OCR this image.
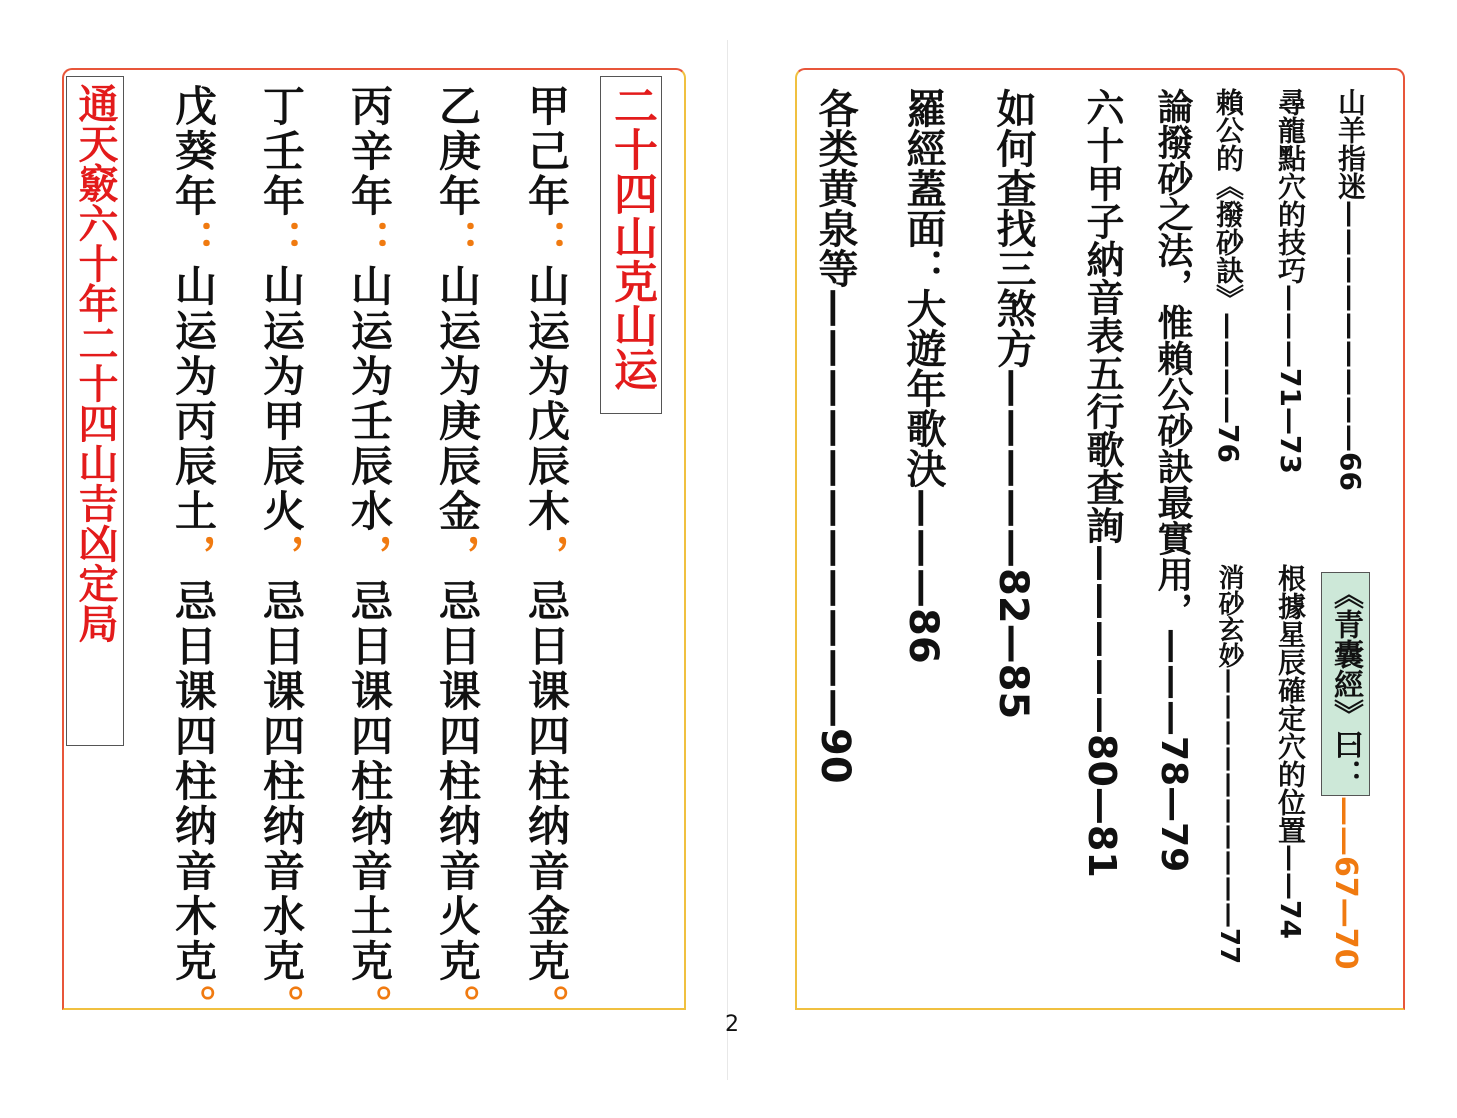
二十四山克山运
甲己年：山运为戊辰木，忌日课四柱纳音金克。
乙庚年：山运为庚辰金，忌日课四柱纳音火克。
丙辛年：山运为壬辰水，忌日课四柱纳音土克。
丁壬年：山运为甲辰火，忌日课四柱纳音水克。
戊葵年：山运为丙辰土，忌日课四柱纳音木克。
通天竅六十年二十四山吉凶定局	山羊指迷—————————66
尋龍點穴的技巧———71—73
賴公的《撥砂訣》————76
論撥砂之法，惟賴公砂訣最實用，———78—79
六十甲子納音表五行歌查詢—————80—81
如何查找三煞方—————82—85
羅經蓋面：大遊年歌決———86
各类黄泉等———————————90	《青囊經》曰：——67—70
根據星辰確定穴的位置——74
消砂玄妙——————————77
2
